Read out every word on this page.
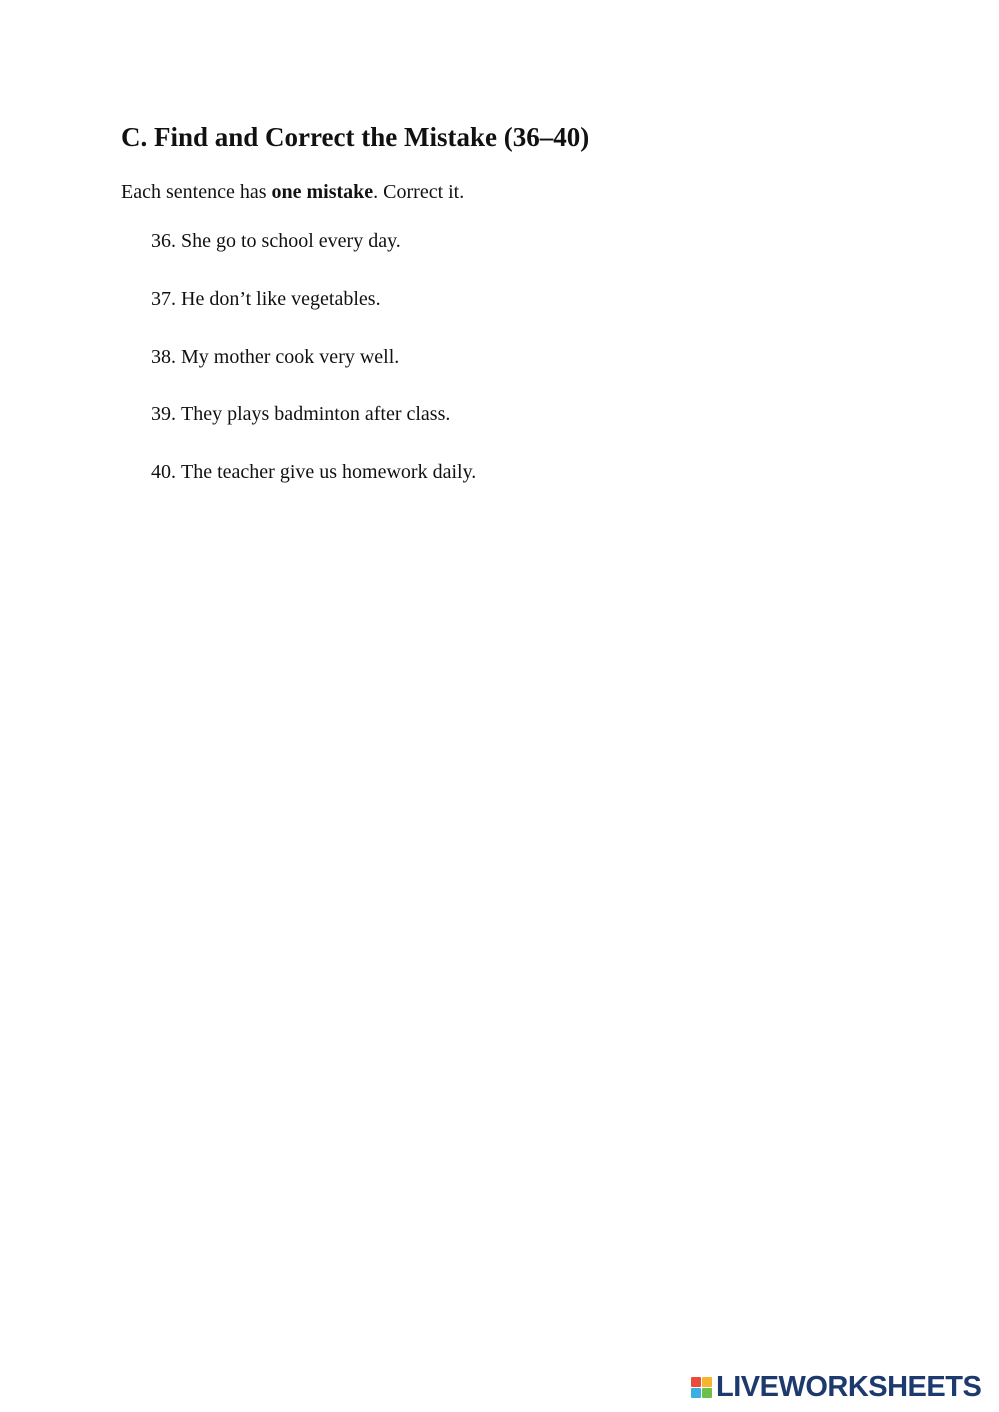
C. Find and Correct the Mistake (36–40)

Each sentence has one mistake. Correct it.

36. She go to school every day.
37. He don’t like vegetables.
38. My mother cook very well.
39. They plays badminton after class.
40. The teacher give us homework daily.
LIVEWORKSHEETS
